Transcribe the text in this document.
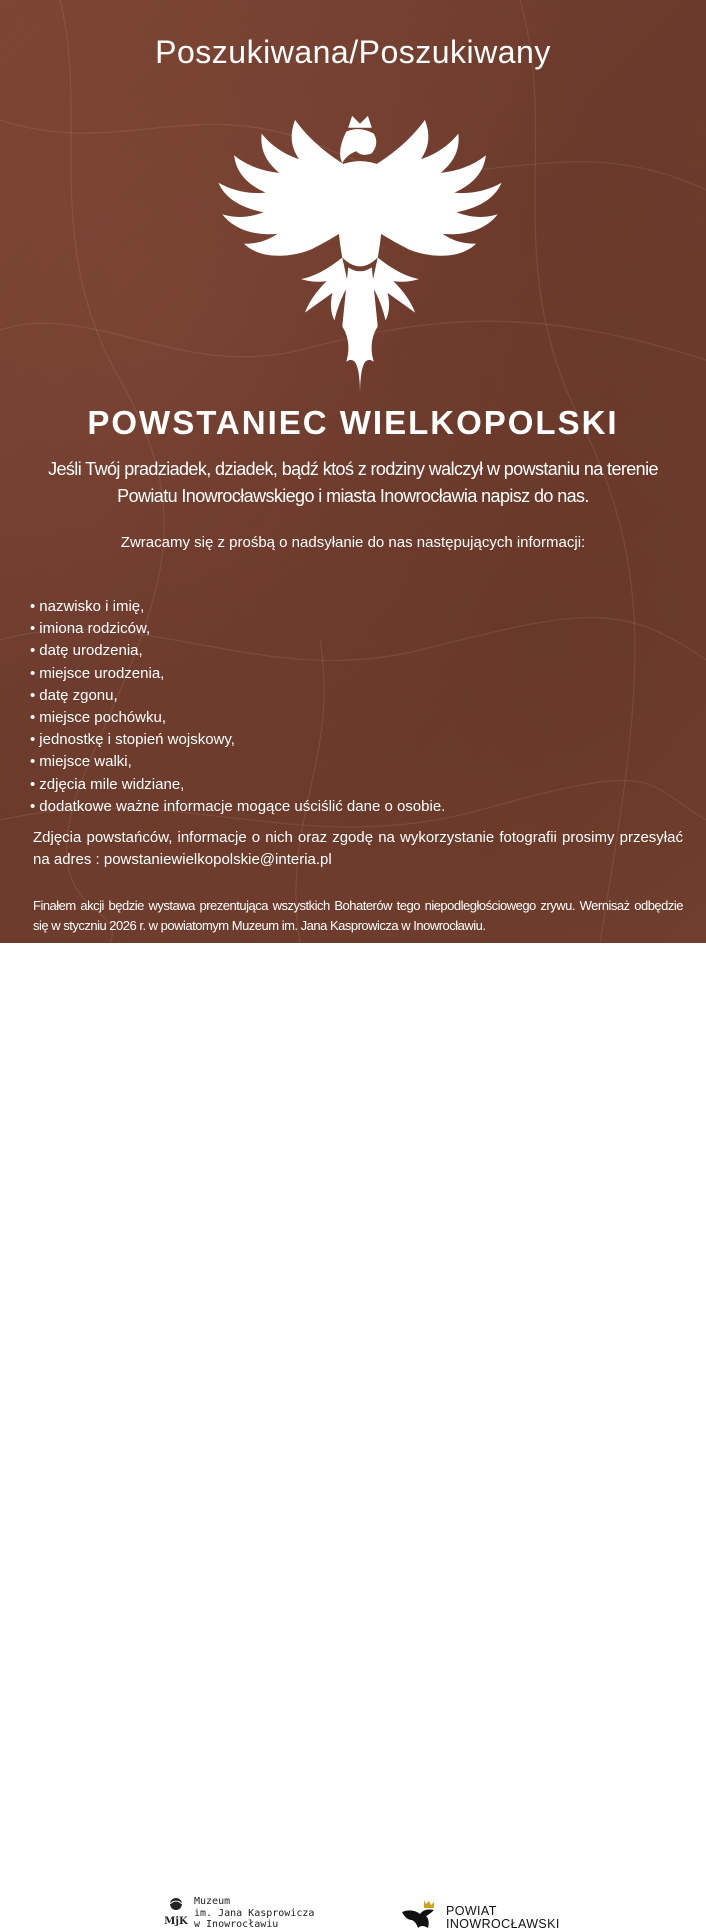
Poszukiwana/Poszukiwany
POWSTANIEC WIELKOPOLSKI
Jeśli Twój pradziadek, dziadek, bądź ktoś z rodziny walczył w powstaniu na terenie
Powiatu Inowrocławskiego i miasta Inowrocławia napisz do nas.
Zwracamy się z prośbą o nadsyłanie do nas następujących informacji:
• nazwisko i imię,
• imiona rodziców,
• datę urodzenia,
• miejsce urodzenia,
• datę zgonu,
• miejsce pochówku,
• jednostkę i stopień wojskowy,
• miejsce walki,
• zdjęcia mile widziane,
• dodatkowe ważne informacje mogące uściślić dane o osobie.
Zdjęcia powstańców, informacje o nich oraz zgodę na wykorzystanie fotografii prosimy przesyłać na adres : powstaniewielkopolskie@interia.pl
Finałem akcji będzie wystawa prezentująca wszystkich Bohaterów tego niepodległościowego zrywu. Wernisaż odbędzie się w styczniu 2026 r. w powiatomym Muzeum im. Jana Kasprowicza w Inowrocławiu.
MjK
Muzeum
im. Jana Kasprowicza
w Inowrocławiu
POWIAT
INOWROCŁAWSKI
